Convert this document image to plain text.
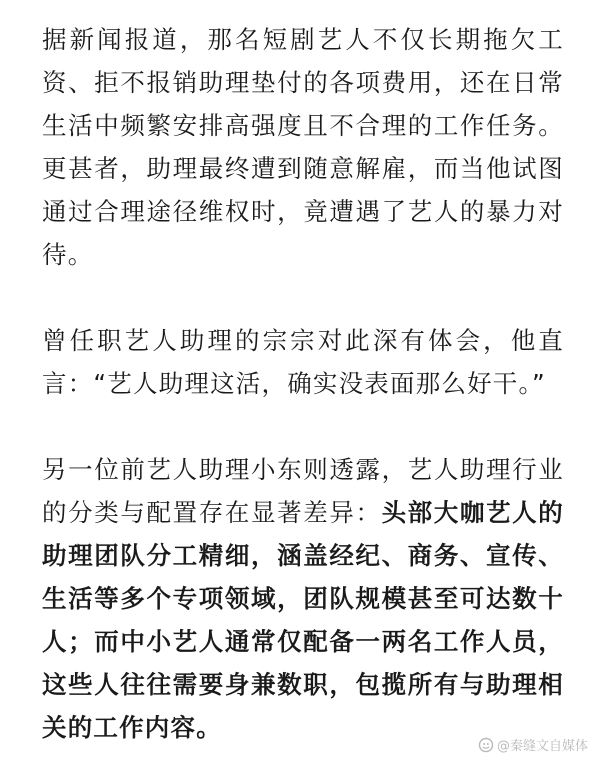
据新闻报道，那名短剧艺人不仅长期拖欠工资、拒不报销助理垫付的各项费用，还在日常生活中频繁安排高强度且不合理的工作任务。更甚者，助理最终遭到随意解雇，而当他试图通过合理途径维权时，竟遭遇了艺人的暴力对待。

曾任职艺人助理的宗宗对此深有体会，他直言：“艺人助理这活，确实没表面那么好干。”

另一位前艺人助理小东则透露，艺人助理行业的分类与配置存在显著差异：头部大咖艺人的助理团队分工精细，涵盖经纪、商务、宣传、生活等多个专项领域，团队规模甚至可达数十人；而中小艺人通常仅配备一两名工作人员，这些人往往需要身兼数职，包揽所有与助理相关的工作内容。

@秦缝文自媒体
